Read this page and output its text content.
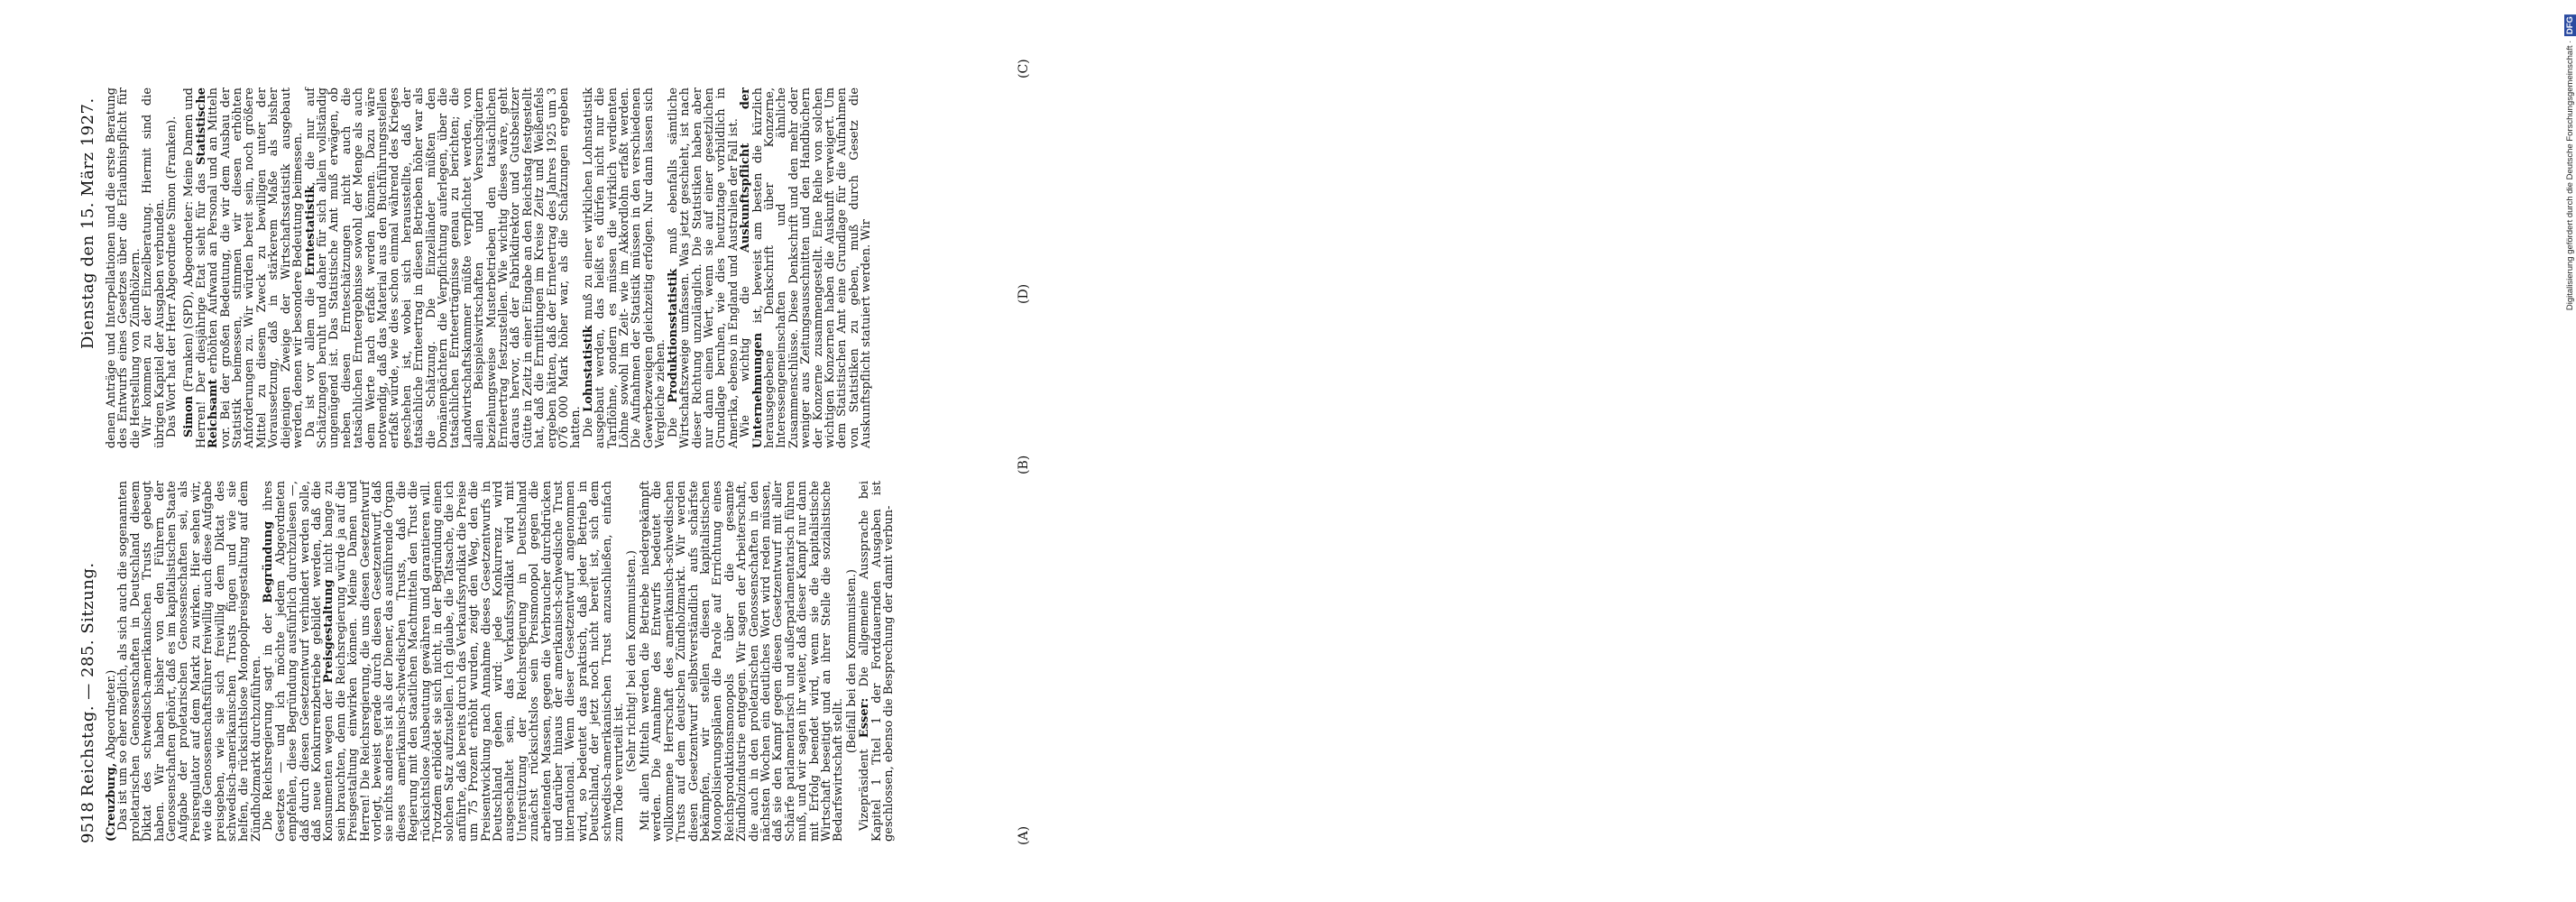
9518
Reichstag. — 285. Sitzung.
Dienstag den 15. März 1927.

(Creuzburg, Abgeordneter.)

Das ist um so eher möglich, als sich auch die sogenannten proletarischen Genossenschaften in Deutschland diesem Diktat des schwedisch-amerikanischen Trusts gebeugt haben. Wir haben bisher von den Führern der Genossenschaften gehört, daß es im kapitalistischen Staate Aufgabe der proletarischen Genossenschaften sei, als Preisregulator auf dem Markt zu wirken. Hier sehen wir, wie die Genossenschaftsführer freiwillig auch diese Aufgabe preisgeben, wie sie sich freiwillig dem Diktat des schwedisch-amerikanischen Trusts fügen und wie sie helfen, die rücksichtslose Monopolpreisgestaltung auf dem Zündholzmarkt durchzuführen.

Die Reichsregierung sagt in der Begründung ihres Gesetzes — und ich möchte jedem Abgeordneten empfehlen, diese Begründung ausführlich durchzulesen —, daß durch diesen Gesetzentwurf verhindert werden solle, daß neue Konkurrenzbetriebe gebildet werden, daß die Konsumenten wegen der Preisgestaltung nicht bange zu sein brauchten, denn die Reichsregierung würde ja auf die Preisgestaltung einwirken können. Meine Damen und Herren! Die Reichsregierung, die uns diesen Gesetzentwurf vorlegt, beweist gerade durch diesen Gesetzentwurf, daß sie nichts anderes ist als der Diener, das ausführende Organ dieses amerikanisch-schwedischen Trusts, daß die Regierung mit den staatlichen Machtmitteln den Trust die rücksichtslose Ausbeutung gewähren und garantieren will. Trotzdem erblödet sie sich nicht, in der Begründung einen solchen Satz aufzustellen. Ich glaube, die Tatsache, die ich anführte, daß bereits durch das Verkaufssyndikat die Preise um 75 Prozent erhöht wurden, zeigt den Weg, den die Preisentwicklung nach Annahme dieses Gesetzentwurfs in Deutschland gehen wird: jede Konkurrenz wird ausgeschaltet sein, das Verkaufssyndikat wird mit Unterstützung der Reichsregierung in Deutschland zunächst rücksichtslos sein Preismonopol gegen die arbeitenden Massen, gegen die Verbraucher durchdrücken und darüber hinaus der amerikanisch-schwedische Trust international. Wenn dieser Gesetzentwurf angenommen wird, so bedeutet das praktisch, daß jeder Betrieb in Deutschland, der jetzt noch nicht bereit ist, sich dem schwedisch-amerikanischen Trust anzuschließen, einfach zum Tode verurteilt ist.

(Sehr richtig! bei den Kommunisten.) Mit allen Mitteln werden die Betriebe niedergekämpft werden. Die Annahme des Entwurfs bedeutet die vollkommene Herrschaft des amerikanisch-schwedischen Trusts auf dem deutschen Zündholzmarkt. Wir werden diesen Gesetzentwurf selbstverständlich aufs schärfste bekämpfen, wir stellen diesen kapitalistischen Monopolisierungsplänen die Parole auf Errichtung eines Reichsproduktionsmonopols über die gesamte Zündholzindustrie entgegen. Wir sagen der Arbeiterschaft, die auch in den proletarischen Genossenschaften in den nächsten Wochen ein deutliches Wort wird reden müssen, daß sie den Kampf gegen diesen Gesetzentwurf mit aller Schärfe parlamentarisch und außerparlamentarisch führen muß, und wir sagen ihr weiter, daß dieser Kampf nur dann mit Erfolg beendet wird, wenn sie die kapitalistische Wirtschaft beseitigt und an ihrer Stelle die sozialistische Bedarfswirtschaft stellt.

(Beifall bei den Kommunisten.)

Vizepräsident Esser: Die allgemeine Aussprache bei Kapitel 1 Titel 1 der Fortdauernden Ausgaben ist geschlossen, ebenso die Besprechung der damit verbun-

denen Anträge und Interpellationen und die erste Beratung des Entwurfs eines Gesetzes über die Erlaubnispflicht für die Herstellung von Zündhölzern.

Wir kommen zu der Einzelberatung. Hiermit sind die übrigen Kapitel der Ausgaben verbunden.

Das Wort hat der Herr Abgeordnete Simon (Franken). Simon (Franken) (SPD), Abgeordneter: Meine Damen und Herren! Der diesjährige Etat sieht für das Statistische Reichsamt erhöhten Aufwand an Personal und an Mitteln vor. Bei der großen Bedeutung, die wir dem Ausbau der Statistik beimessen, stimmen wir diesen erhöhten Anforderungen zu. Wir würden bereit sein, noch größere Mittel zu diesem Zweck zu bewilligen unter der Voraussetzung, daß in stärkerem Maße als bisher diejenigen Zweige der Wirtschaftsstatistik ausgebaut werden, denen wir besondere Bedeutung beimessen.

Da ist vor allem die Erntestatistik, die nur auf Schätzungen beruht und daher für sich allein vollständig ungenügend ist. Das Statistische Amt muß erwägen, ob neben diesen Ernteschätzungen nicht auch die tatsächlichen Ernteergebnisse sowohl der Menge als auch dem Werte nach erfaßt werden können. Dazu wäre notwendig, daß das Material aus den Buchführungsstellen erfaßt würde, wie dies schon einmal während des Krieges geschehen ist, wobei sich herausstellte, daß der tatsächliche Ernteertrag in diesen Betrieben höher war als die Schätzung. Die Einzelländer müßten den Domänenpächtern die Verpflichtung auferlegen, über die tatsächlichen Ernteerträgnisse genau zu berichten; die Landwirtschaftskammer müßte verpflichtet werden, von allen Beispielswirtschaften und Versuchsgütern beziehungsweise Musterbetrieben den tatsächlichen Ernteertrag festzustellen. Wie wichtig dieses wäre, geht daraus hervor, daß der Fabrikdirektor und Gutsbesitzer Gütte in Zeitz in einer Eingabe an den Reichstag festgestellt hat, daß die Ermittlungen im Kreise Zeitz und Weißenfels ergeben hätten, daß der Ernteertrag des Jahres 1925 um 3 076 000 Mark höher war, als die Schätzungen ergeben hatten.

Die Lohnstatistik muß zu einer wirklichen Lohnstatistik ausgebaut werden, das heißt es dürfen nicht nur die Tariflöhne, sondern es müssen die wirklich verdienten Löhne sowohl im Zeit- wie im Akkordlohn erfaßt werden. Die Aufnahmen der Statistik müssen in den verschiedenen Gewerbezweigen gleichzeitig erfolgen. Nur dann lassen sich Vergleiche ziehen.

Die Produktionsstatistik muß ebenfalls sämtliche Wirtschaftszweige umfassen. Was jetzt geschieht, ist nach dieser Richtung unzulänglich. Die Statistiken haben aber nur dann einen Wert, wenn sie auf einer gesetzlichen Grundlage beruhen, wie dies heutzutage vorbildlich in Amerika, ebenso in England und Australien der Fall ist.

Wie wichtig die Auskunftspflicht der Unternehmungen ist, beweist am besten die kürzlich herausgegebene Denkschrift über Konzerne, Interessengemeinschaften und ähnliche Zusammenschlüsse. Diese Denkschrift und den mehr oder weniger aus Zeitungsausschnitten und den Handbüchern der Konzerne zusammengestellt. Eine Reihe von solchen wichtigen Konzernen haben die Auskunft verweigert. Um dem Statistischen Amt eine Grundlage für die Aufnahmen von Statistiken zu geben, muß durch Gesetz die Auskunftspflicht statuiert werden. Wir

(A)
(B)
(C)
(D)	Digitalisierung gefördert durch die Deutsche Forschungsgemeinschaft · DFG
